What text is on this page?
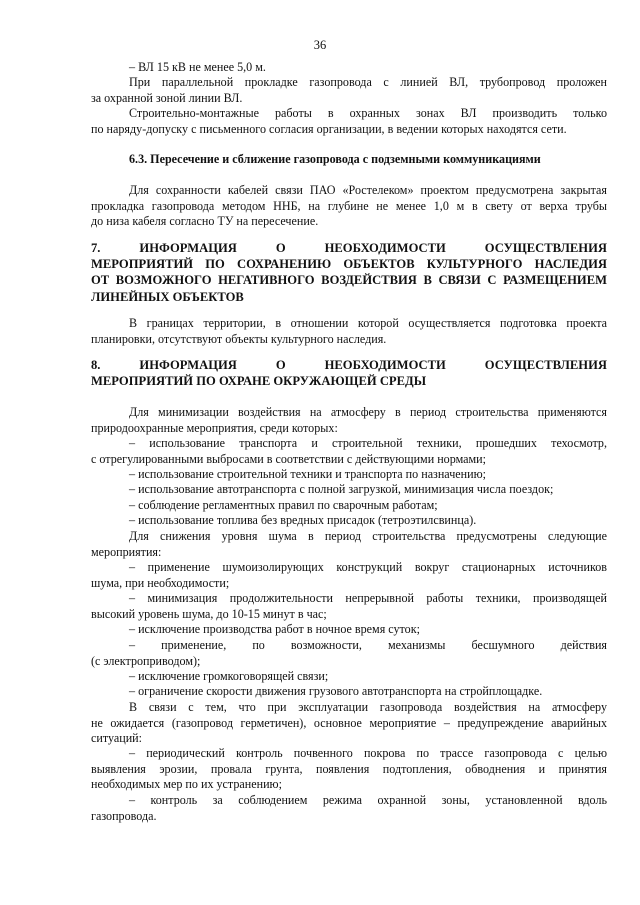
36
– ВЛ 15 кВ не менее 5,0 м.
При параллельной прокладке газопровода с линией ВЛ, трубопровод проложен
за охранной зоной линии ВЛ.
Строительно-монтажные работы в охранных зонах ВЛ производить только
по наряду-допуску с письменного согласия организации, в ведении которых находятся сети.
6.3. Пересечение и сближение газопровода с подземными коммуникациями
Для сохранности кабелей связи ПАО «Ростелеком» проектом предусмотрена закрытая
прокладка газопровода методом ННБ, на глубине не менее 1,0 м в свету от верха трубы
до низа кабеля согласно ТУ на пересечение.
7. ИНФОРМАЦИЯ О НЕОБХОДИМОСТИ ОСУЩЕСТВЛЕНИЯ
МЕРОПРИЯТИЙ ПО СОХРАНЕНИЮ ОБЪЕКТОВ КУЛЬТУРНОГО НАСЛЕДИЯ
ОТ ВОЗМОЖНОГО НЕГАТИВНОГО ВОЗДЕЙСТВИЯ В СВЯЗИ С РАЗМЕЩЕНИЕМ
ЛИНЕЙНЫХ ОБЪЕКТОВ
В границах территории, в отношении которой осуществляется подготовка проекта
планировки, отсутствуют объекты культурного наследия.
8. ИНФОРМАЦИЯ О НЕОБХОДИМОСТИ ОСУЩЕСТВЛЕНИЯ
МЕРОПРИЯТИЙ ПО ОХРАНЕ ОКРУЖАЮЩЕЙ СРЕДЫ
Для минимизации воздействия на атмосферу в период строительства применяются
природоохранные мероприятия, среди которых:
– использование транспорта и строительной техники, прошедших техосмотр,
с отрегулированными выбросами в соответствии с действующими нормами;
– использование строительной техники и транспорта по назначению;
– использование автотранспорта с полной загрузкой, минимизация числа поездок;
– соблюдение регламентных правил по сварочным работам;
– использование топлива без вредных присадок (тетроэтилсвинца).
Для снижения уровня шума в период строительства предусмотрены следующие
мероприятия:
– применение шумоизолирующих конструкций вокруг стационарных источников
шума, при необходимости;
– минимизация продолжительности непрерывной работы техники, производящей
высокий уровень шума, до 10-15 минут в час;
– исключение производства работ в ночное время суток;
– применение, по возможности, механизмы бесшумного действия
(с электроприводом);
– исключение громкоговорящей связи;
– ограничение скорости движения грузового автотранспорта на стройплощадке.
В связи с тем, что при эксплуатации газопровода воздействия на атмосферу
не ожидается (газопровод герметичен), основное мероприятие – предупреждение аварийных
ситуаций:
– периодический контроль почвенного покрова по трассе газопровода с целью
выявления эрозии, провала грунта, появления подтопления, обводнения и принятия
необходимых мер по их устранению;
– контроль за соблюдением режима охранной зоны, установленной вдоль
газопровода.
